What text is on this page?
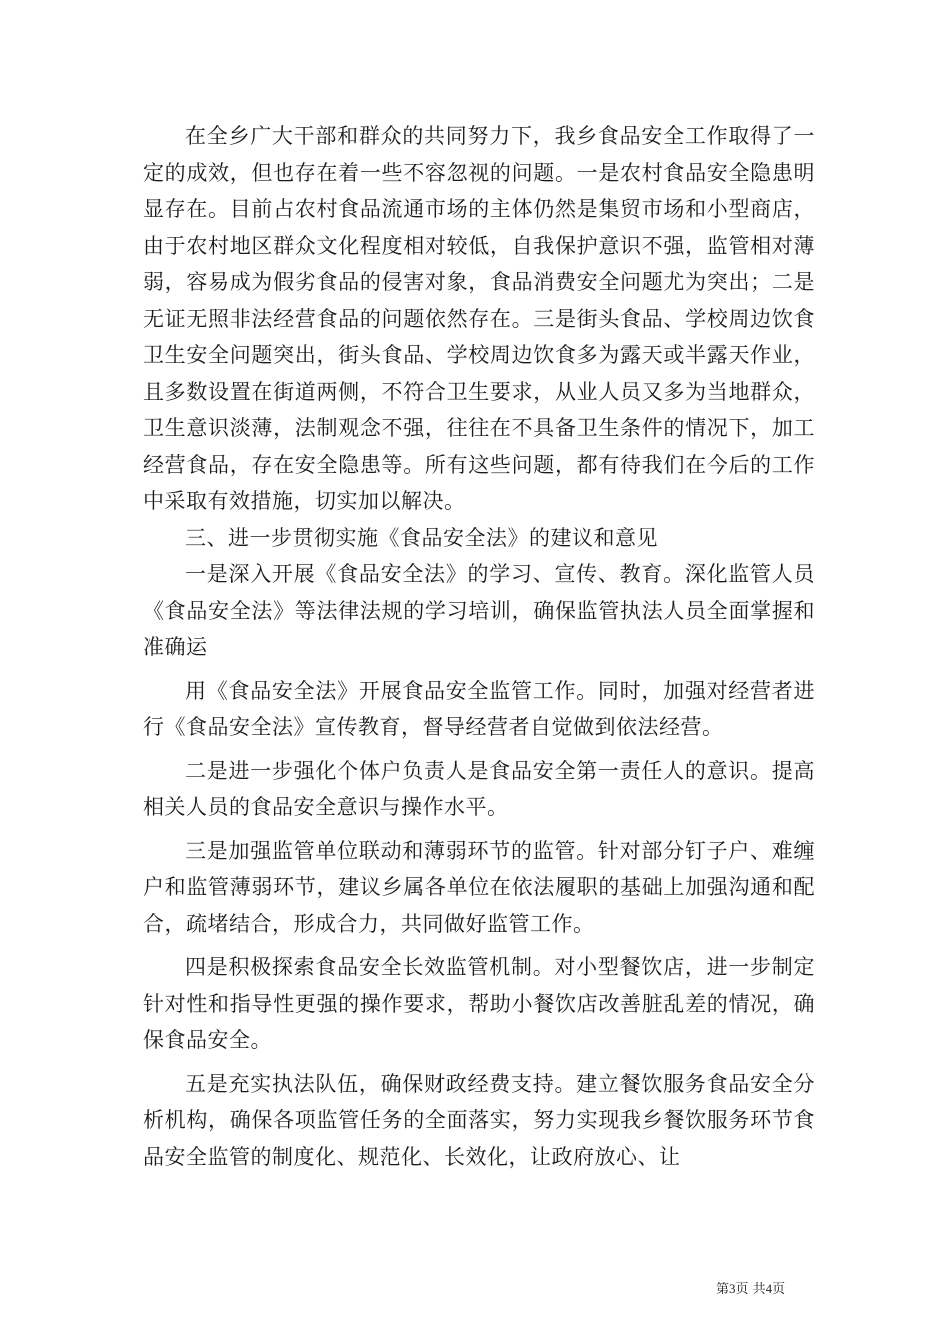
在全乡广大干部和群众的共同努力下，我乡食品安全工作取得了一定的成效，但也存在着一些不容忽视的问题。一是农村食品安全隐患明显存在。目前占农村食品流通市场的主体仍然是集贸市场和小型商店，由于农村地区群众文化程度相对较低，自我保护意识不强，监管相对薄弱，容易成为假劣食品的侵害对象，食品消费安全问题尤为突出；二是无证无照非法经营食品的问题依然存在。三是街头食品、学校周边饮食卫生安全问题突出，街头食品、学校周边饮食多为露天或半露天作业，且多数设置在街道两侧，不符合卫生要求，从业人员又多为当地群众，卫生意识淡薄，法制观念不强，往往在不具备卫生条件的情况下，加工经营食品，存在安全隐患等。所有这些问题，都有待我们在今后的工作中采取有效措施，切实加以解决。

三、进一步贯彻实施《食品安全法》的建议和意见

一是深入开展《食品安全法》的学习、宣传、教育。深化监管人员《食品安全法》等法律法规的学习培训，确保监管执法人员全面掌握和准确运

用《食品安全法》开展食品安全监管工作。同时，加强对经营者进行《食品安全法》宣传教育，督导经营者自觉做到依法经营。

二是进一步强化个体户负责人是食品安全第一责任人的意识。提高相关人员的食品安全意识与操作水平。

三是加强监管单位联动和薄弱环节的监管。针对部分钉子户、难缠户和监管薄弱环节，建议乡属各单位在依法履职的基础上加强沟通和配合，疏堵结合，形成合力，共同做好监管工作。

四是积极探索食品安全长效监管机制。对小型餐饮店，进一步制定针对性和指导性更强的操作要求，帮助小餐饮店改善脏乱差的情况，确保食品安全。

五是充实执法队伍，确保财政经费支持。建立餐饮服务食品安全分析机构，确保各项监管任务的全面落实，努力实现我乡餐饮服务环节食品安全监管的制度化、规范化、长效化，让政府放心、让

第3页 共4页
